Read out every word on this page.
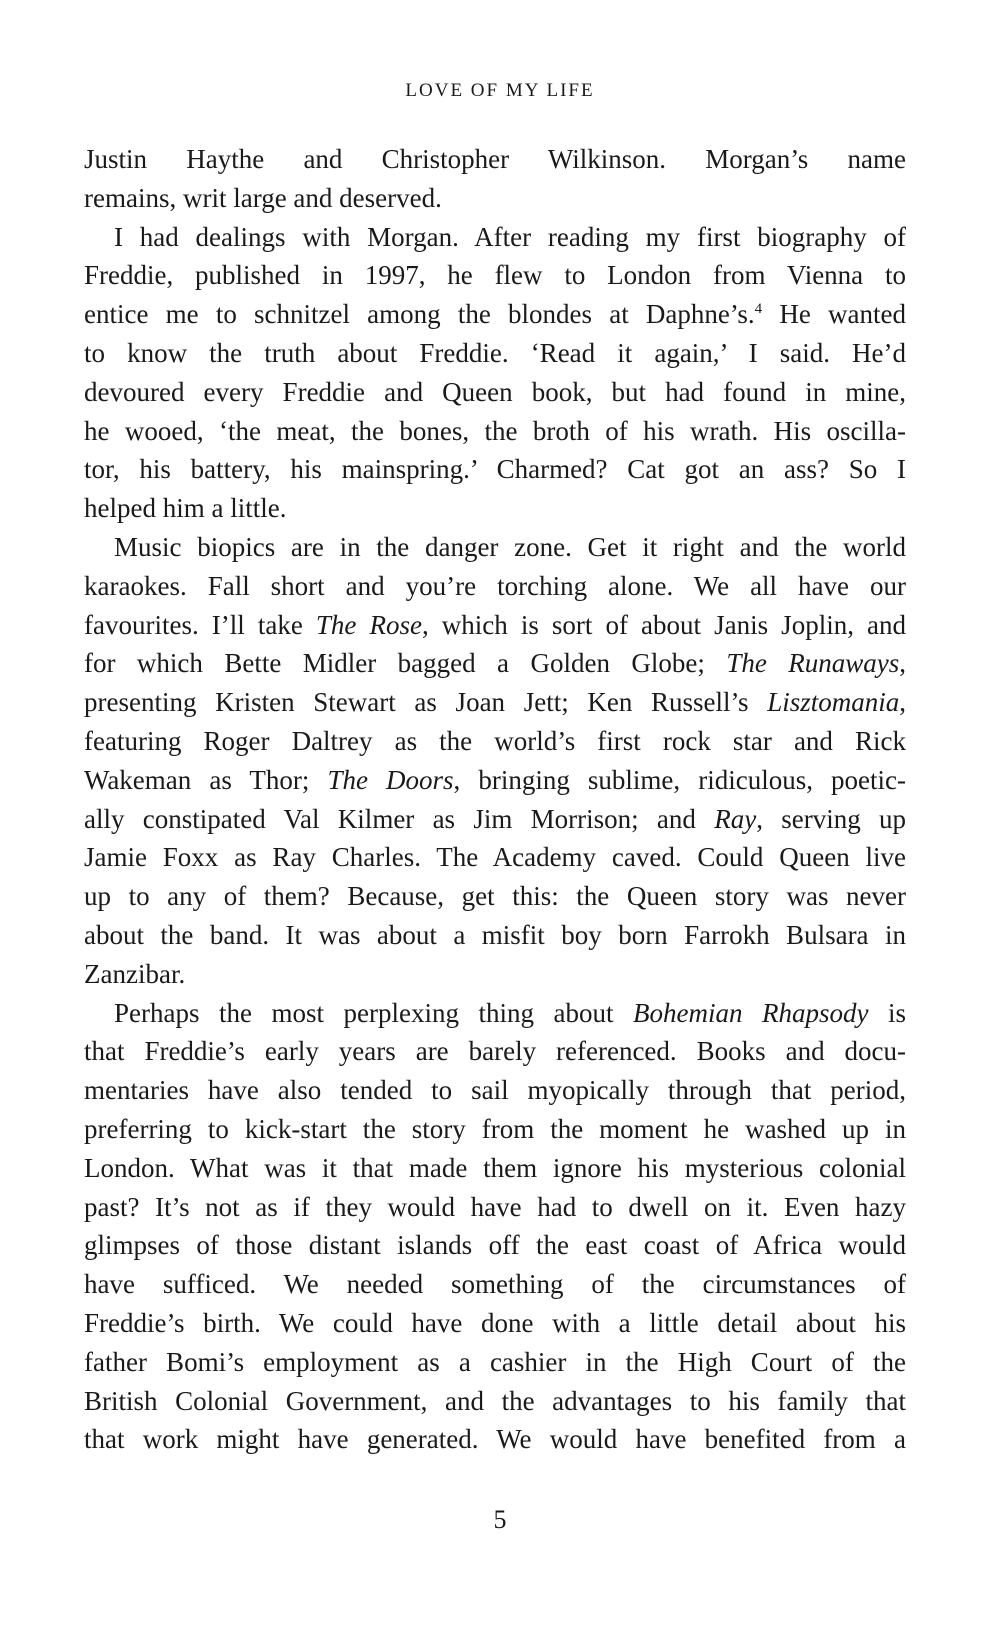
LOVE OF MY LIFE
Justin Haythe and Christopher Wilkinson. Morgan’s name
remains, writ large and deserved.
I had dealings with Morgan. After reading my first biography of
Freddie, published in 1997, he flew to London from Vienna to
entice me to schnitzel among the blondes at Daphne’s.$^4$ He wanted
to know the truth about Freddie. ‘Read it again,’ I said. He’d
devoured every Freddie and Queen book, but had found in mine,
he wooed, ‘the meat, the bones, the broth of his wrath. His oscilla-
tor, his battery, his mainspring.’ Charmed? Cat got an ass? So I
helped him a little.
Music biopics are in the danger zone. Get it right and the world
karaokes. Fall short and you’re torching alone. We all have our
favourites. I’ll take The Rose, which is sort of about Janis Joplin, and
for which Bette Midler bagged a Golden Globe; The Runaways,
presenting Kristen Stewart as Joan Jett; Ken Russell’s Lisztomania,
featuring Roger Daltrey as the world’s first rock star and Rick
Wakeman as Thor; The Doors, bringing sublime, ridiculous, poetic-
ally constipated Val Kilmer as Jim Morrison; and Ray, serving up
Jamie Foxx as Ray Charles. The Academy caved. Could Queen live
up to any of them? Because, get this: the Queen story was never
about the band. It was about a misfit boy born Farrokh Bulsara in
Zanzibar.
Perhaps the most perplexing thing about Bohemian Rhapsody is
that Freddie’s early years are barely referenced. Books and docu-
mentaries have also tended to sail myopically through that period,
preferring to kick-start the story from the moment he washed up in
London. What was it that made them ignore his mysterious colonial
past? It’s not as if they would have had to dwell on it. Even hazy
glimpses of those distant islands off the east coast of Africa would
have sufficed. We needed something of the circumstances of
Freddie’s birth. We could have done with a little detail about his
father Bomi’s employment as a cashier in the High Court of the
British Colonial Government, and the advantages to his family that
that work might have generated. We would have benefited from a
5
